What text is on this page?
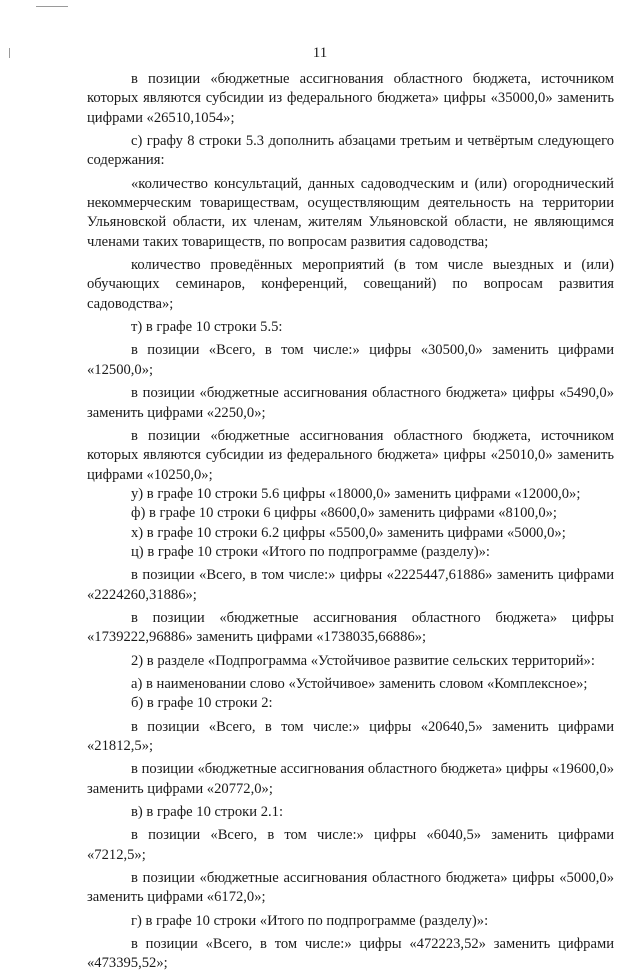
11

в позиции «бюджетные ассигнования областного бюджета, источником которых являются субсидии из федерального бюджета» цифры «35000,0» заменить цифрами «26510,1054»;

с) графу 8 строки 5.3 дополнить абзацами третьим и четвёртым следующего содержания:

«количество консультаций, данных садоводческим и (или) огороднический некоммерческим товариществам, осуществляющим деятельность на территории Ульяновской области, их членам, жителям Ульяновской области, не являющимся членами таких товариществ, по вопросам развития садоводства;

количество проведённых мероприятий (в том числе выездных и (или) обучающих семинаров, конференций, совещаний) по вопросам развития садоводства»;

т) в графе 10 строки 5.5:

в позиции «Всего, в том числе:» цифры «30500,0» заменить цифрами «12500,0»;

в позиции «бюджетные ассигнования областного бюджета» цифры «5490,0» заменить цифрами «2250,0»;

в позиции «бюджетные ассигнования областного бюджета, источником которых являются субсидии из федерального бюджета» цифры «25010,0» заменить цифрами «10250,0»;

у) в графе 10 строки 5.6 цифры «18000,0» заменить цифрами «12000,0»;

ф) в графе 10 строки 6 цифры «8600,0» заменить цифрами «8100,0»;

х) в графе 10 строки 6.2 цифры «5500,0» заменить цифрами «5000,0»;

ц) в графе 10 строки «Итого по подпрограмме (разделу)»:

в позиции «Всего, в том числе:» цифры «2225447,61886» заменить цифрами «2224260,31886»;

в позиции «бюджетные ассигнования областного бюджета» цифры «1739222,96886» заменить цифрами «1738035,66886»;

2) в разделе «Подпрограмма «Устойчивое развитие сельских территорий»:

а) в наименовании слово «Устойчивое» заменить словом «Комплексное»;

б) в графе 10 строки 2:

в позиции «Всего, в том числе:» цифры «20640,5» заменить цифрами «21812,5»;

в позиции «бюджетные ассигнования областного бюджета» цифры «19600,0» заменить цифрами «20772,0»;

в) в графе 10 строки 2.1:

в позиции «Всего, в том числе:» цифры «6040,5» заменить цифрами «7212,5»;

в позиции «бюджетные ассигнования областного бюджета» цифры «5000,0» заменить цифрами «6172,0»;

г) в графе 10 строки «Итого по подпрограмме (разделу)»:

в позиции «Всего, в том числе:» цифры «472223,52» заменить цифрами «473395,52»;
